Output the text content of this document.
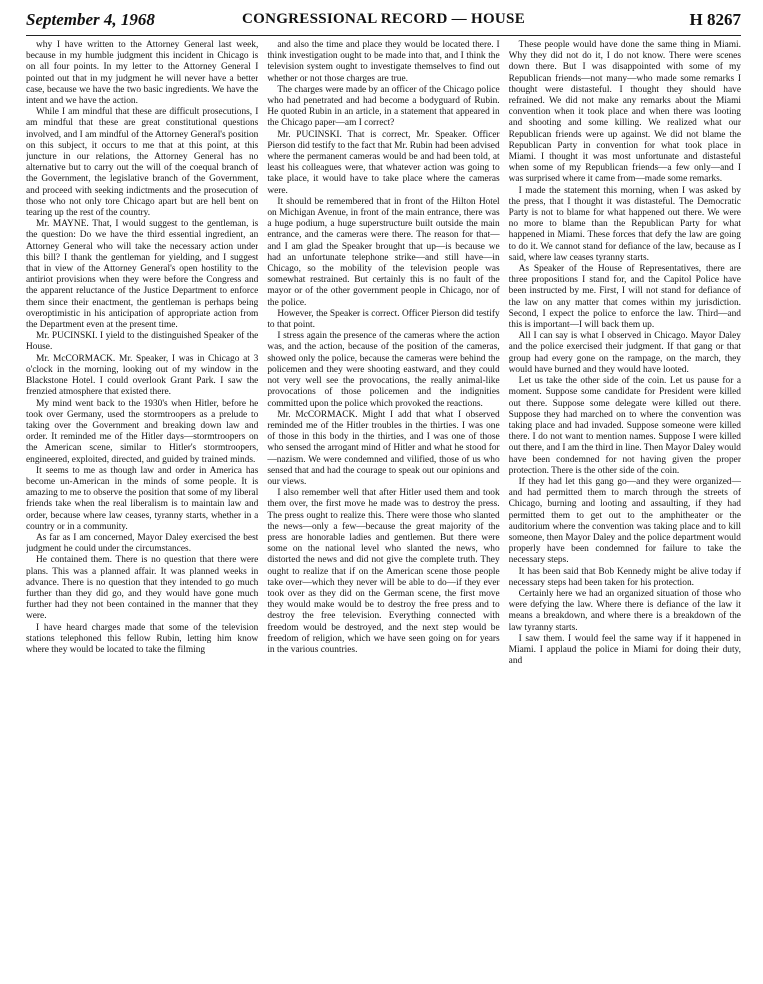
September 4, 1968	CONGRESSIONAL RECORD — HOUSE	H 8267

why I have written to the Attorney General last week, because in my humble judgment this incident in Chicago is on all four points. In my letter to the Attorney General I pointed out that in my judgment he will never have a better case, because we have the two basic ingredients. We have the intent and we have the action.

While I am mindful that these are difficult prosecutions, I am mindful that these are great constitutional questions involved, and I am mindful of the Attorney General's position on this subject, it occurs to me that at this point, at this juncture in our relations, the Attorney General has no alternative but to carry out the will of the coequal branch of the Government, the legislative branch of the Government, and proceed with seeking indictments and the prosecution of those who not only tore Chicago apart but are hell bent on tearing up the rest of the country.

Mr. MAYNE. That, I would suggest to the gentleman, is the question: Do we have the third essential ingredient, an Attorney General who will take the necessary action under this bill? I thank the gentleman for yielding, and I suggest that in view of the Attorney General's open hostility to the antiriot provisions when they were before the Congress and the apparent reluctance of the Justice Department to enforce them since their enactment, the gentleman is perhaps being overoptimistic in his anticipation of appropriate action from the Department even at the present time.

Mr. PUCINSKI. I yield to the distinguished Speaker of the House.

Mr. McCORMACK. Mr. Speaker, I was in Chicago at 3 o'clock in the morning, looking out of my window in the Blackstone Hotel. I could overlook Grant Park. I saw the frenzied atmosphere that existed there.

My mind went back to the 1930's when Hitler, before he took over Germany, used the stormtroopers as a prelude to taking over the Government and breaking down law and order. It reminded me of the Hitler days—stormtroopers on the American scene, similar to Hitler's stormtroopers, engineered, exploited, directed, and guided by trained minds.

It seems to me as though law and order in America has become un-American in the minds of some people. It is amazing to me to observe the position that some of my liberal friends take when the real liberalism is to maintain law and order, because where law ceases, tyranny starts, whether in a country or in a community.

As far as I am concerned, Mayor Daley exercised the best judgment he could under the circumstances.

He contained them. There is no question that there were plans. This was a planned affair. It was planned weeks in advance. There is no question that they intended to go much further than they did go, and they would have gone much further had they not been contained in the manner that they were.

I have heard charges made that some of the television stations telephoned this fellow Rubin, letting him know where they would be located to take the filming

and also the time and place they would be located there. I think investigation ought to be made into that, and I think the television system ought to investigate themselves to find out whether or not those charges are true.

The charges were made by an officer of the Chicago police who had penetrated and had become a bodyguard of Rubin. He quoted Rubin in an article, in a statement that appeared in the Chicago paper—am I correct?

Mr. PUCINSKI. That is correct, Mr. Speaker. Officer Pierson did testify to the fact that Mr. Rubin had been advised where the permanent cameras would be and had been told, at least his colleagues were, that whatever action was going to take place, it would have to take place where the cameras were.

It should be remembered that in front of the Hilton Hotel on Michigan Avenue, in front of the main entrance, there was a huge podium, a huge superstructure built outside the main entrance, and the cameras were there. The reason for that—and I am glad the Speaker brought that up—is because we had an unfortunate telephone strike—and still have—in Chicago, so the mobility of the television people was somewhat restrained. But certainly this is no fault of the mayor or of the other government people in Chicago, nor of the police.

However, the Speaker is correct. Officer Pierson did testify to that point.

I stress again the presence of the cameras where the action was, and the action, because of the position of the cameras, showed only the police, because the cameras were behind the policemen and they were shooting eastward, and they could not very well see the provocations, the really animal-like provocations of those policemen and the indignities committed upon the police which provoked the reactions.

Mr. McCORMACK. Might I add that what I observed reminded me of the Hitler troubles in the thirties. I was one of those in this body in the thirties, and I was one of those who sensed the arrogant mind of Hitler and what he stood for—nazism. We were condemned and vilified, those of us who sensed that and had the courage to speak out our opinions and our views.

I also remember well that after Hitler used them and took them over, the first move he made was to destroy the press. The press ought to realize this. There were those who slanted the news—only a few—because the great majority of the press are honorable ladies and gentlemen. But there were some on the national level who slanted the news, who distorted the news and did not give the complete truth. They ought to realize that if on the American scene those people take over—which they never will be able to do—if they ever took over as they did on the German scene, the first move they would make would be to destroy the free press and to destroy the free television. Everything connected with freedom would be destroyed, and the next step would be freedom of religion, which we have seen going on for years in the various countries.

These people would have done the same thing in Miami. Why they did not do it, I do not know. There were scenes down there. But I was disappointed with some of my Republican friends—not many—who made some remarks I thought were distasteful. I thought they should have refrained. We did not make any remarks about the Miami convention when it took place and when there was looting and shooting and some killing. We realized what our Republican friends were up against. We did not blame the Republican Party in convention for what took place in Miami. I thought it was most unfortunate and distasteful when some of my Republican friends—a few only—and I was surprised where it came from—made some remarks.

I made the statement this morning, when I was asked by the press, that I thought it was distasteful. The Democratic Party is not to blame for what happened out there. We were no more to blame than the Republican Party for what happened in Miami. These forces that defy the law are going to do it. We cannot stand for defiance of the law, because as I said, where law ceases tyranny starts.

As Speaker of the House of Representatives, there are three propositions I stand for, and the Capitol Police have been instructed by me. First, I will not stand for defiance of the law on any matter that comes within my jurisdiction. Second, I expect the police to enforce the law. Third—and this is important—I will back them up.

All I can say is what I observed in Chicago. Mayor Daley and the police exercised their judgment. If that gang or that group had every gone on the rampage, on the march, they would have burned and they would have looted.

Let us take the other side of the coin. Let us pause for a moment. Suppose some candidate for President were killed out there. Suppose some delegate were killed out there. Suppose they had marched on to where the convention was taking place and had invaded. Suppose someone were killed there. I do not want to mention names. Suppose I were killed out there, and I am the third in line. Then Mayor Daley would have been condemned for not having given the proper protection. There is the other side of the coin.

If they had let this gang go—and they were organized—and had permitted them to march through the streets of Chicago, burning and looting and assaulting, if they had permitted them to get out to the amphitheater or the auditorium where the convention was taking place and to kill someone, then Mayor Daley and the police department would properly have been condemned for failure to take the necessary steps.

It has been said that Bob Kennedy might be alive today if necessary steps had been taken for his protection.

Certainly here we had an organized situation of those who were defying the law. Where there is defiance of the law it means a breakdown, and where there is a breakdown of the law tyranny starts.

I saw them. I would feel the same way if it happened in Miami. I applaud the police in Miami for doing their duty, and
